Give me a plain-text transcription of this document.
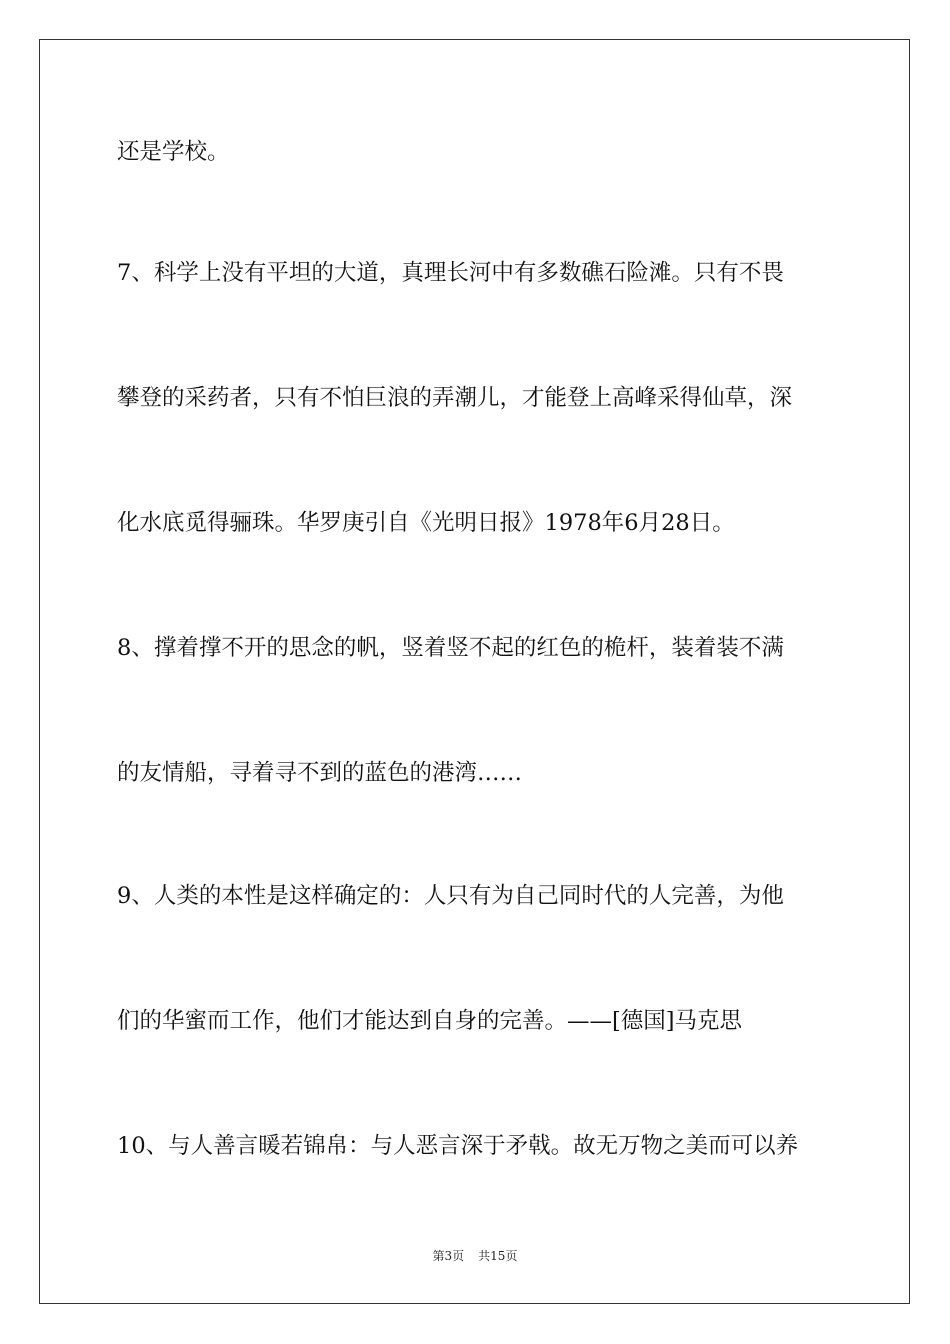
还是学校。
7、科学上没有平坦的大道，真理长河中有多数礁石险滩。只有不畏
攀登的采药者，只有不怕巨浪的弄潮儿，才能登上高峰采得仙草，深
化水底觅得骊珠。华罗庚引自《光明日报》1978年6月28日。
8、撑着撑不开的思念的帆，竖着竖不起的红色的桅杆，装着装不满
的友情船，寻着寻不到的蓝色的港湾……
9、人类的本性是这样确定的：人只有为自己同时代的人完善，为他
们的华蜜而工作，他们才能达到自身的完善。——[德国]马克思
10、与人善言暖若锦帛：与人恶言深于矛戟。故无万物之美而可以养
第3页 共15页
